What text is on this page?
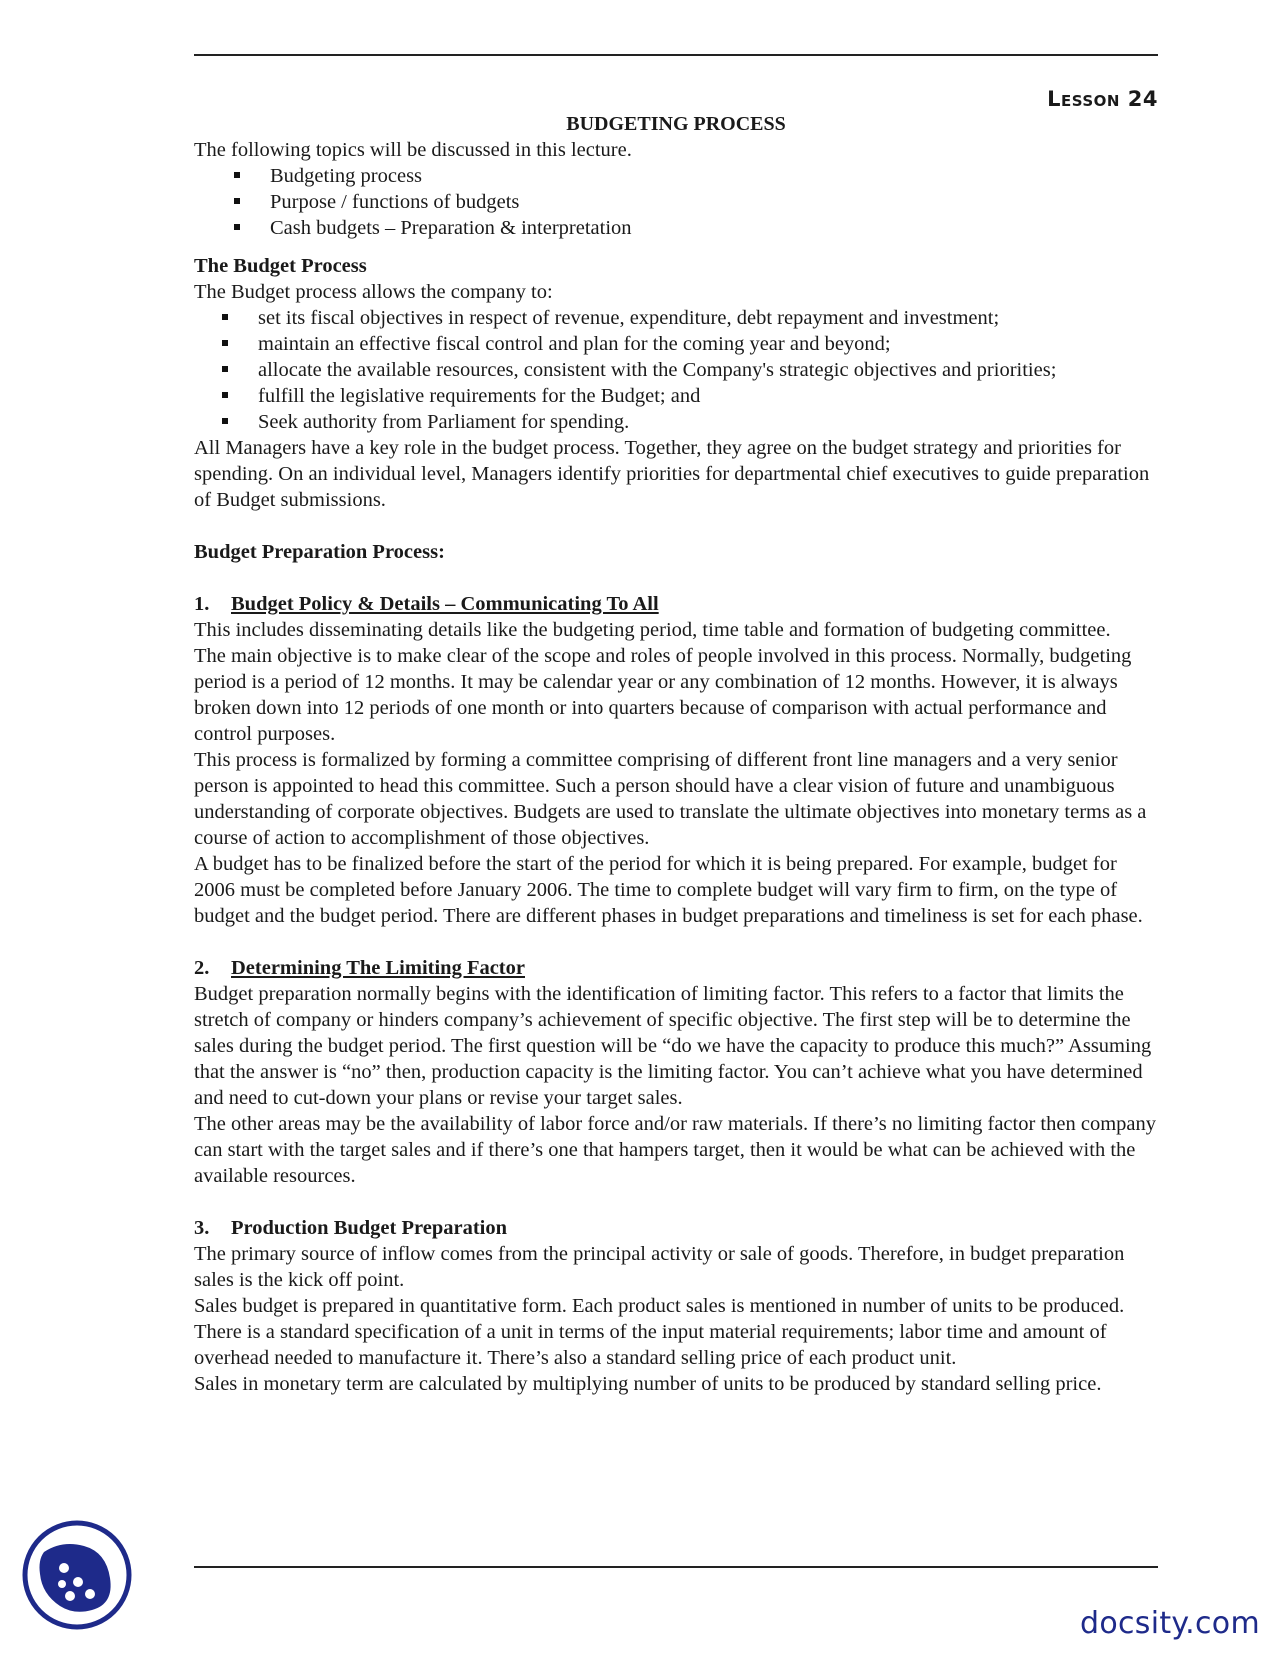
Lesson 24
BUDGETING PROCESS

The following topics will be discussed in this lecture.

Budgeting process
Purpose / functions of budgets
Cash budgets – Preparation & interpretation

The Budget Process

The Budget process allows the company to:

set its fiscal objectives in respect of revenue, expenditure, debt repayment and investment;
maintain an effective fiscal control and plan for the coming year and beyond;
allocate the available resources, consistent with the Company's strategic objectives and priorities;
fulfill the legislative requirements for the Budget; and
Seek authority from Parliament for spending.

All Managers have a key role in the budget process. Together, they agree on the budget strategy and priorities for spending. On an individual level, Managers identify priorities for departmental chief executives to guide preparation of Budget submissions.

Budget Preparation Process:

1. Budget Policy & Details – Communicating To All

This includes disseminating details like the budgeting period, time table and formation of budgeting committee.

The main objective is to make clear of the scope and roles of people involved in this process. Normally, budgeting period is a period of 12 months. It may be calendar year or any combination of 12 months. However, it is always broken down into 12 periods of one month or into quarters because of comparison with actual performance and control purposes.

This process is formalized by forming a committee comprising of different front line managers and a very senior person is appointed to head this committee. Such a person should have a clear vision of future and unambiguous understanding of corporate objectives. Budgets are used to translate the ultimate objectives into monetary terms as a course of action to accomplishment of those objectives.

A budget has to be finalized before the start of the period for which it is being prepared. For example, budget for 2006 must be completed before January 2006. The time to complete budget will vary firm to firm, on the type of budget and the budget period. There are different phases in budget preparations and timeliness is set for each phase.

2. Determining The Limiting Factor

Budget preparation normally begins with the identification of limiting factor. This refers to a factor that limits the stretch of company or hinders company’s achievement of specific objective. The first step will be to determine the sales during the budget period. The first question will be “do we have the capacity to produce this much?” Assuming that the answer is “no” then, production capacity is the limiting factor. You can’t achieve what you have determined and need to cut-down your plans or revise your target sales.

The other areas may be the availability of labor force and/or raw materials. If there’s no limiting factor then company can start with the target sales and if there’s one that hampers target, then it would be what can be achieved with the available resources.

3. Production Budget Preparation

The primary source of inflow comes from the principal activity or sale of goods. Therefore, in budget preparation sales is the kick off point.

Sales budget is prepared in quantitative form. Each product sales is mentioned in number of units to be produced. There is a standard specification of a unit in terms of the input material requirements; labor time and amount of overhead needed to manufacture it. There’s also a standard selling price of each product unit.

Sales in monetary term are calculated by multiplying number of units to be produced by standard selling price.

docsity.com
